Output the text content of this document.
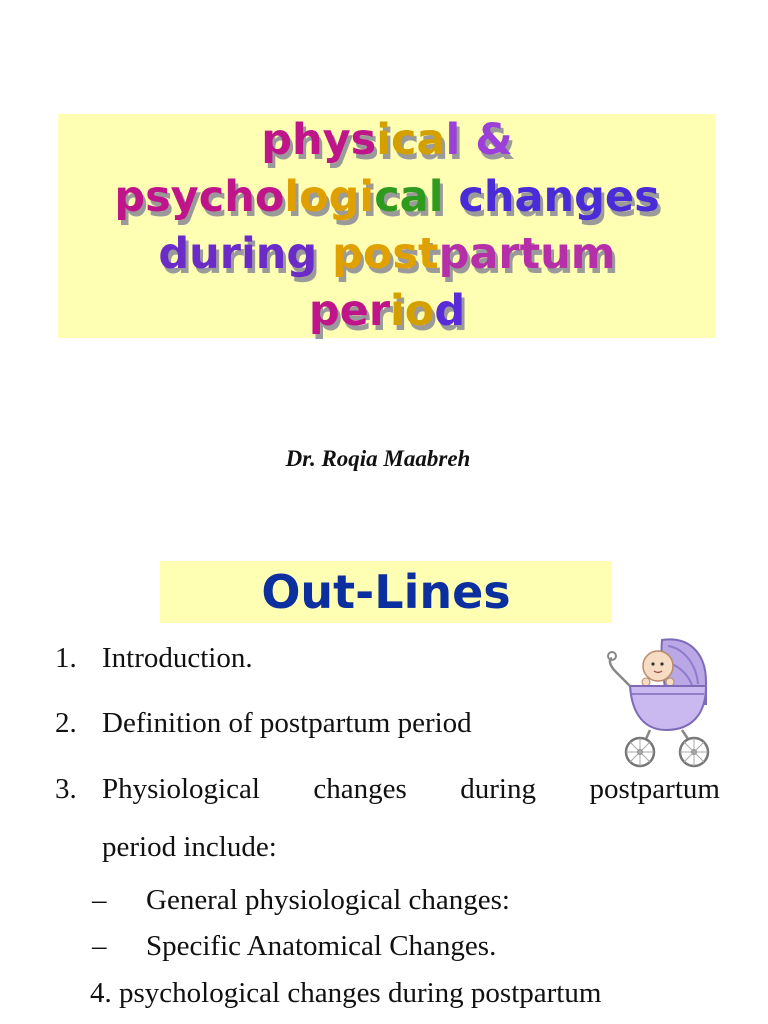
physical &
psychological changes
during postpartum
period
Dr. Roqia Maabreh
Out-Lines
1. Introduction.
2. Definition of postpartum period
3. Physiological changes during postpartum
period include:
– General physiological changes:
– Specific Anatomical Changes.
4. psychological changes during postpartum
